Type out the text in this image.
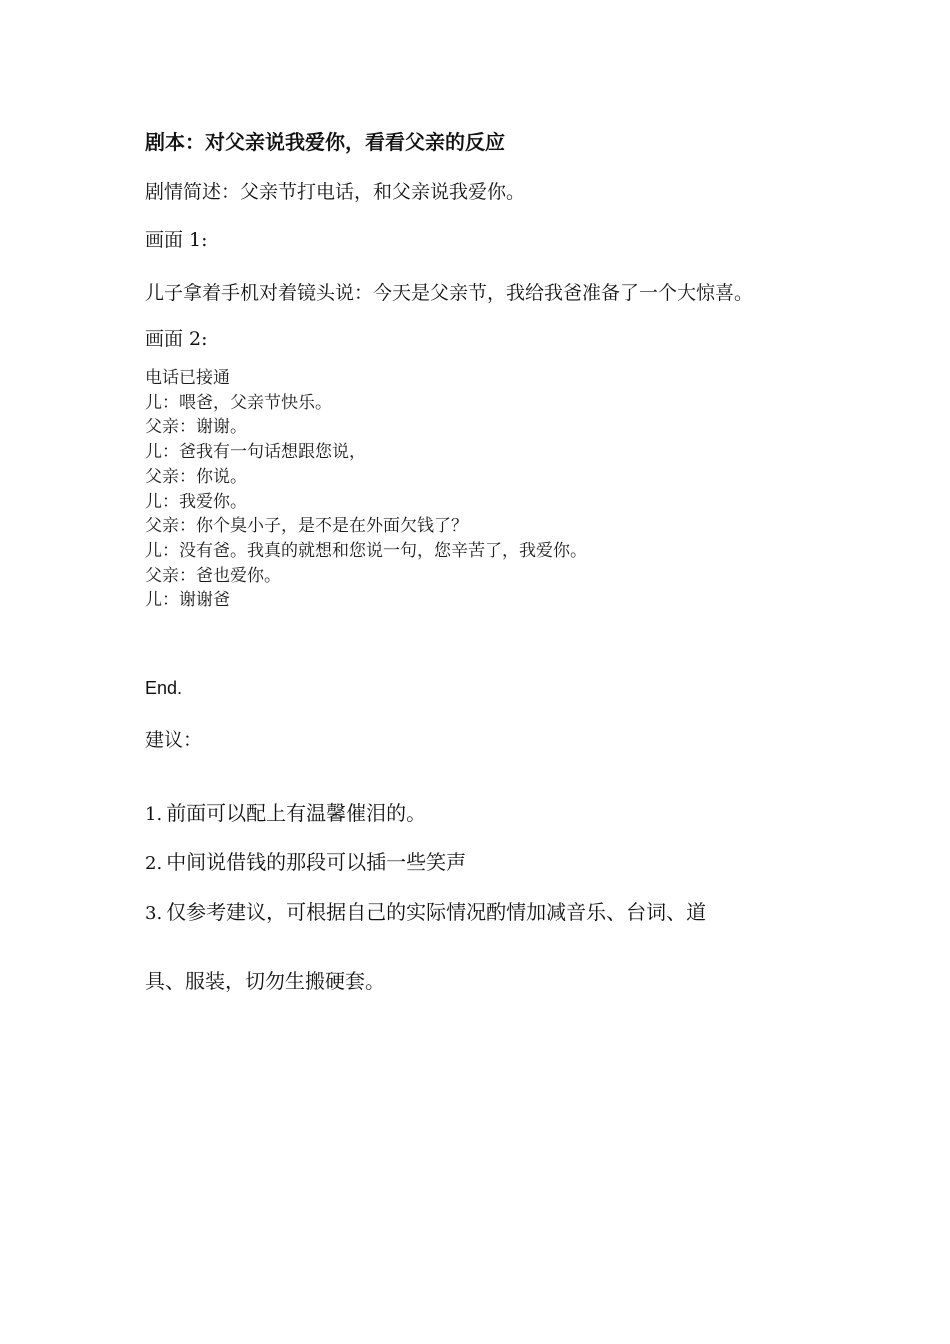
剧本：对父亲说我爱你，看看父亲的反应

剧情简述：父亲节打电话，和父亲说我爱你。

画面 1:

儿子拿着手机对着镜头说：今天是父亲节，我给我爸准备了一个大惊喜。

画面 2:

电话已接通
儿：喂爸，父亲节快乐。
父亲：谢谢。
儿：爸我有一句话想跟您说，
父亲：你说。
儿：我爱你。
父亲：你个臭小子，是不是在外面欠钱了？
儿：没有爸。我真的就想和您说一句，您辛苦了，我爱你。
父亲：爸也爱你。
儿：谢谢爸

End.

建议：

1. 前面可以配上有温馨催泪的。

2. 中间说借钱的那段可以插一些笑声

3. 仅参考建议，可根据自己的实际情况酌情加减音乐、台词、道

具、服装，切勿生搬硬套。
